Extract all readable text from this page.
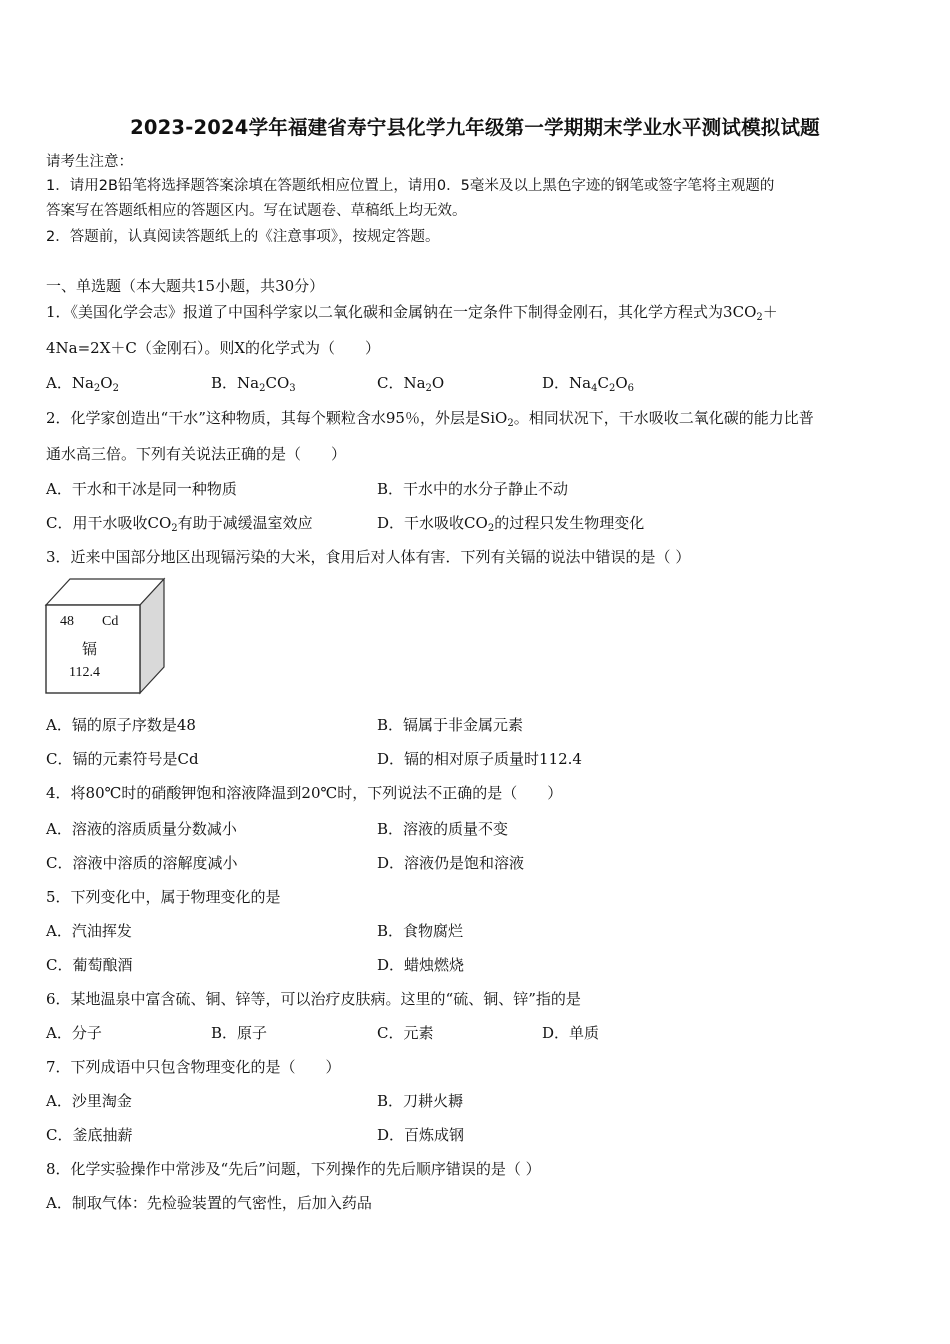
2023-2024学年福建省寿宁县化学九年级第一学期期末学业水平测试模拟试题
请考生注意：
1．请用2B铅笔将选择题答案涂填在答题纸相应位置上，请用0．5毫米及以上黑色字迹的钢笔或签字笔将主观题的
答案写在答题纸相应的答题区内。写在试题卷、草稿纸上均无效。
2．答题前，认真阅读答题纸上的《注意事项》，按规定答题。
一、单选题（本大题共15小题，共30分）
1．《美国化学会志》报道了中国科学家以二氧化碳和金属钠在一定条件下制得金刚石，其化学方程式为$3CO_2+$
4Na=2X＋C（金刚石）。则X的化学式为（　　）
A．$Na_2O_2$	B．$Na_2CO_3$	C．$Na_2O$	D．$Na_4C_2O_6$
2．化学家创造出“干水”这种物质，其每个颗粒含水95％，外层是SiO$_2$。相同状况下，干水吸收二氧化碳的能力比普
通水高三倍。下列有关说法正确的是（　　）
A．干水和干冰是同一种物质	B．干水中的水分子静止不动
C．用干水吸收$CO_2$有助于减缓温室效应	D．干水吸收$CO_2$的过程只发生物理变化
3．近来中国部分地区出现镉污染的大米，食用后对人体有害．下列有关镉的说法中错误的是（ ）
48 Cd
镉
112.4
A．镉的原子序数是48	B．镉属于非金属元素
C．镉的元素符号是Cd	D．镉的相对原子质量时112.4
4．将80℃时的硝酸钾饱和溶液降温到20℃时，下列说法不正确的是（　　）
A．溶液的溶质质量分数减小	B．溶液的质量不变
C．溶液中溶质的溶解度减小	D．溶液仍是饱和溶液
5．下列变化中，属于物理变化的是
A．汽油挥发	B．食物腐烂
C．葡萄酿酒	D．蜡烛燃烧
6．某地温泉中富含硫、铜、锌等，可以治疗皮肤病。这里的“硫、铜、锌”指的是
A．分子	B．原子	C．元素	D．单质
7．下列成语中只包含物理变化的是（　　）
A．沙里淘金	B．刀耕火耨
C．釜底抽薪	D．百炼成钢
8．化学实验操作中常涉及“先后”问题，下列操作的先后顺序错误的是（ ）
A．制取气体：先检验装置的气密性，后加入药品
